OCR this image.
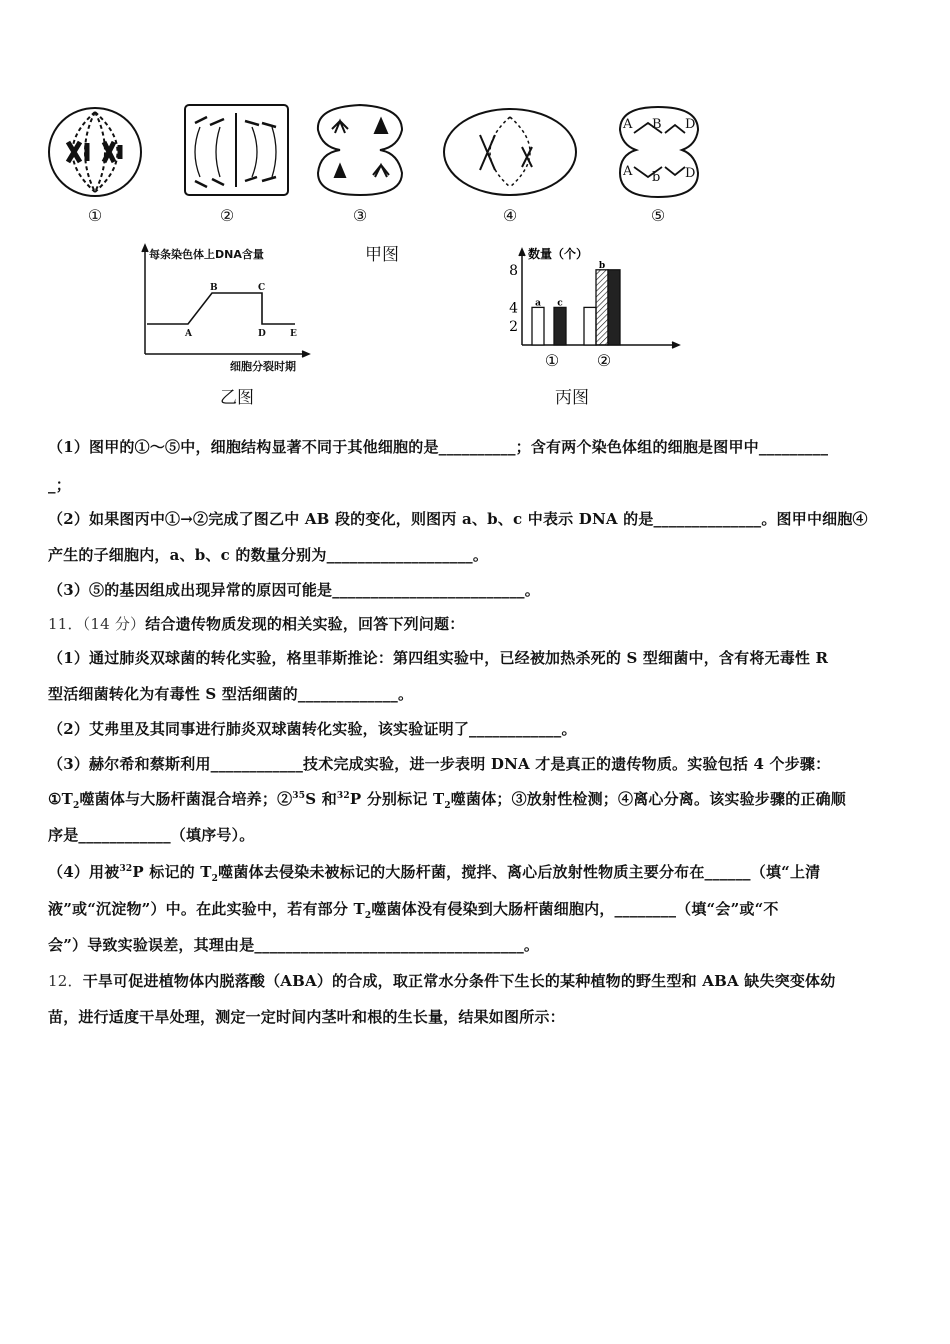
A B D
A b D
①	②	③	④	⑤
甲图
A
B	C
D	E
每条染色体上DNA含量
细胞分裂时期
乙图
数量（个）
2
4
8
a c
b
① ②
丙图
（1）图甲的①～⑤中，细胞结构显著不同于其他细胞的是__________；含有两个染色体组的细胞是图甲中_________
_；
（2）如果图丙中①→②完成了图乙中 AB 段的变化，则图丙 a、b、c 中表示 DNA 的是______________。图甲中细胞④
产生的子细胞内，a、b、c 的数量分别为___________________。
（3）⑤的基因组成出现异常的原因可能是_________________________。
11．（14 分）结合遗传物质发现的相关实验，回答下列问题：
（1）通过肺炎双球菌的转化实验，格里菲斯推论：第四组实验中，已经被加热杀死的 S 型细菌中，含有将无毒性 R
型活细菌转化为有毒性 S 型活细菌的_____________。
（2）艾弗里及其同事进行肺炎双球菌转化实验，该实验证明了____________。
（3）赫尔希和蔡斯利用____________技术完成实验，进一步表明 DNA 才是真正的遗传物质。实验包括 4 个步骤：
$①T_2$噬菌体与大肠杆菌混合培养；②$^{35}$S 和$^{32}$P 分别标记 $T_2$噬菌体；③放射性检测；④离心分离。该实验步骤的正确顺
序是____________（填序号）。
（4）用被$^{32}$P 标记的 $T_2$噬菌体去侵染未被标记的大肠杆菌，搅拌、离心后放射性物质主要分布在______（填“上清
液”或“沉淀物”）中。在此实验中，若有部分 $T_2$噬菌体没有侵染到大肠杆菌细胞内，________（填“会”或“不
会”）导致实验误差，其理由是___________________________________。
12．干旱可促进植物体内脱落酸（ABA）的合成，取正常水分条件下生长的某种植物的野生型和 ABA 缺失突变体幼
苗，进行适度干旱处理，测定一定时间内茎叶和根的生长量，结果如图所示：
